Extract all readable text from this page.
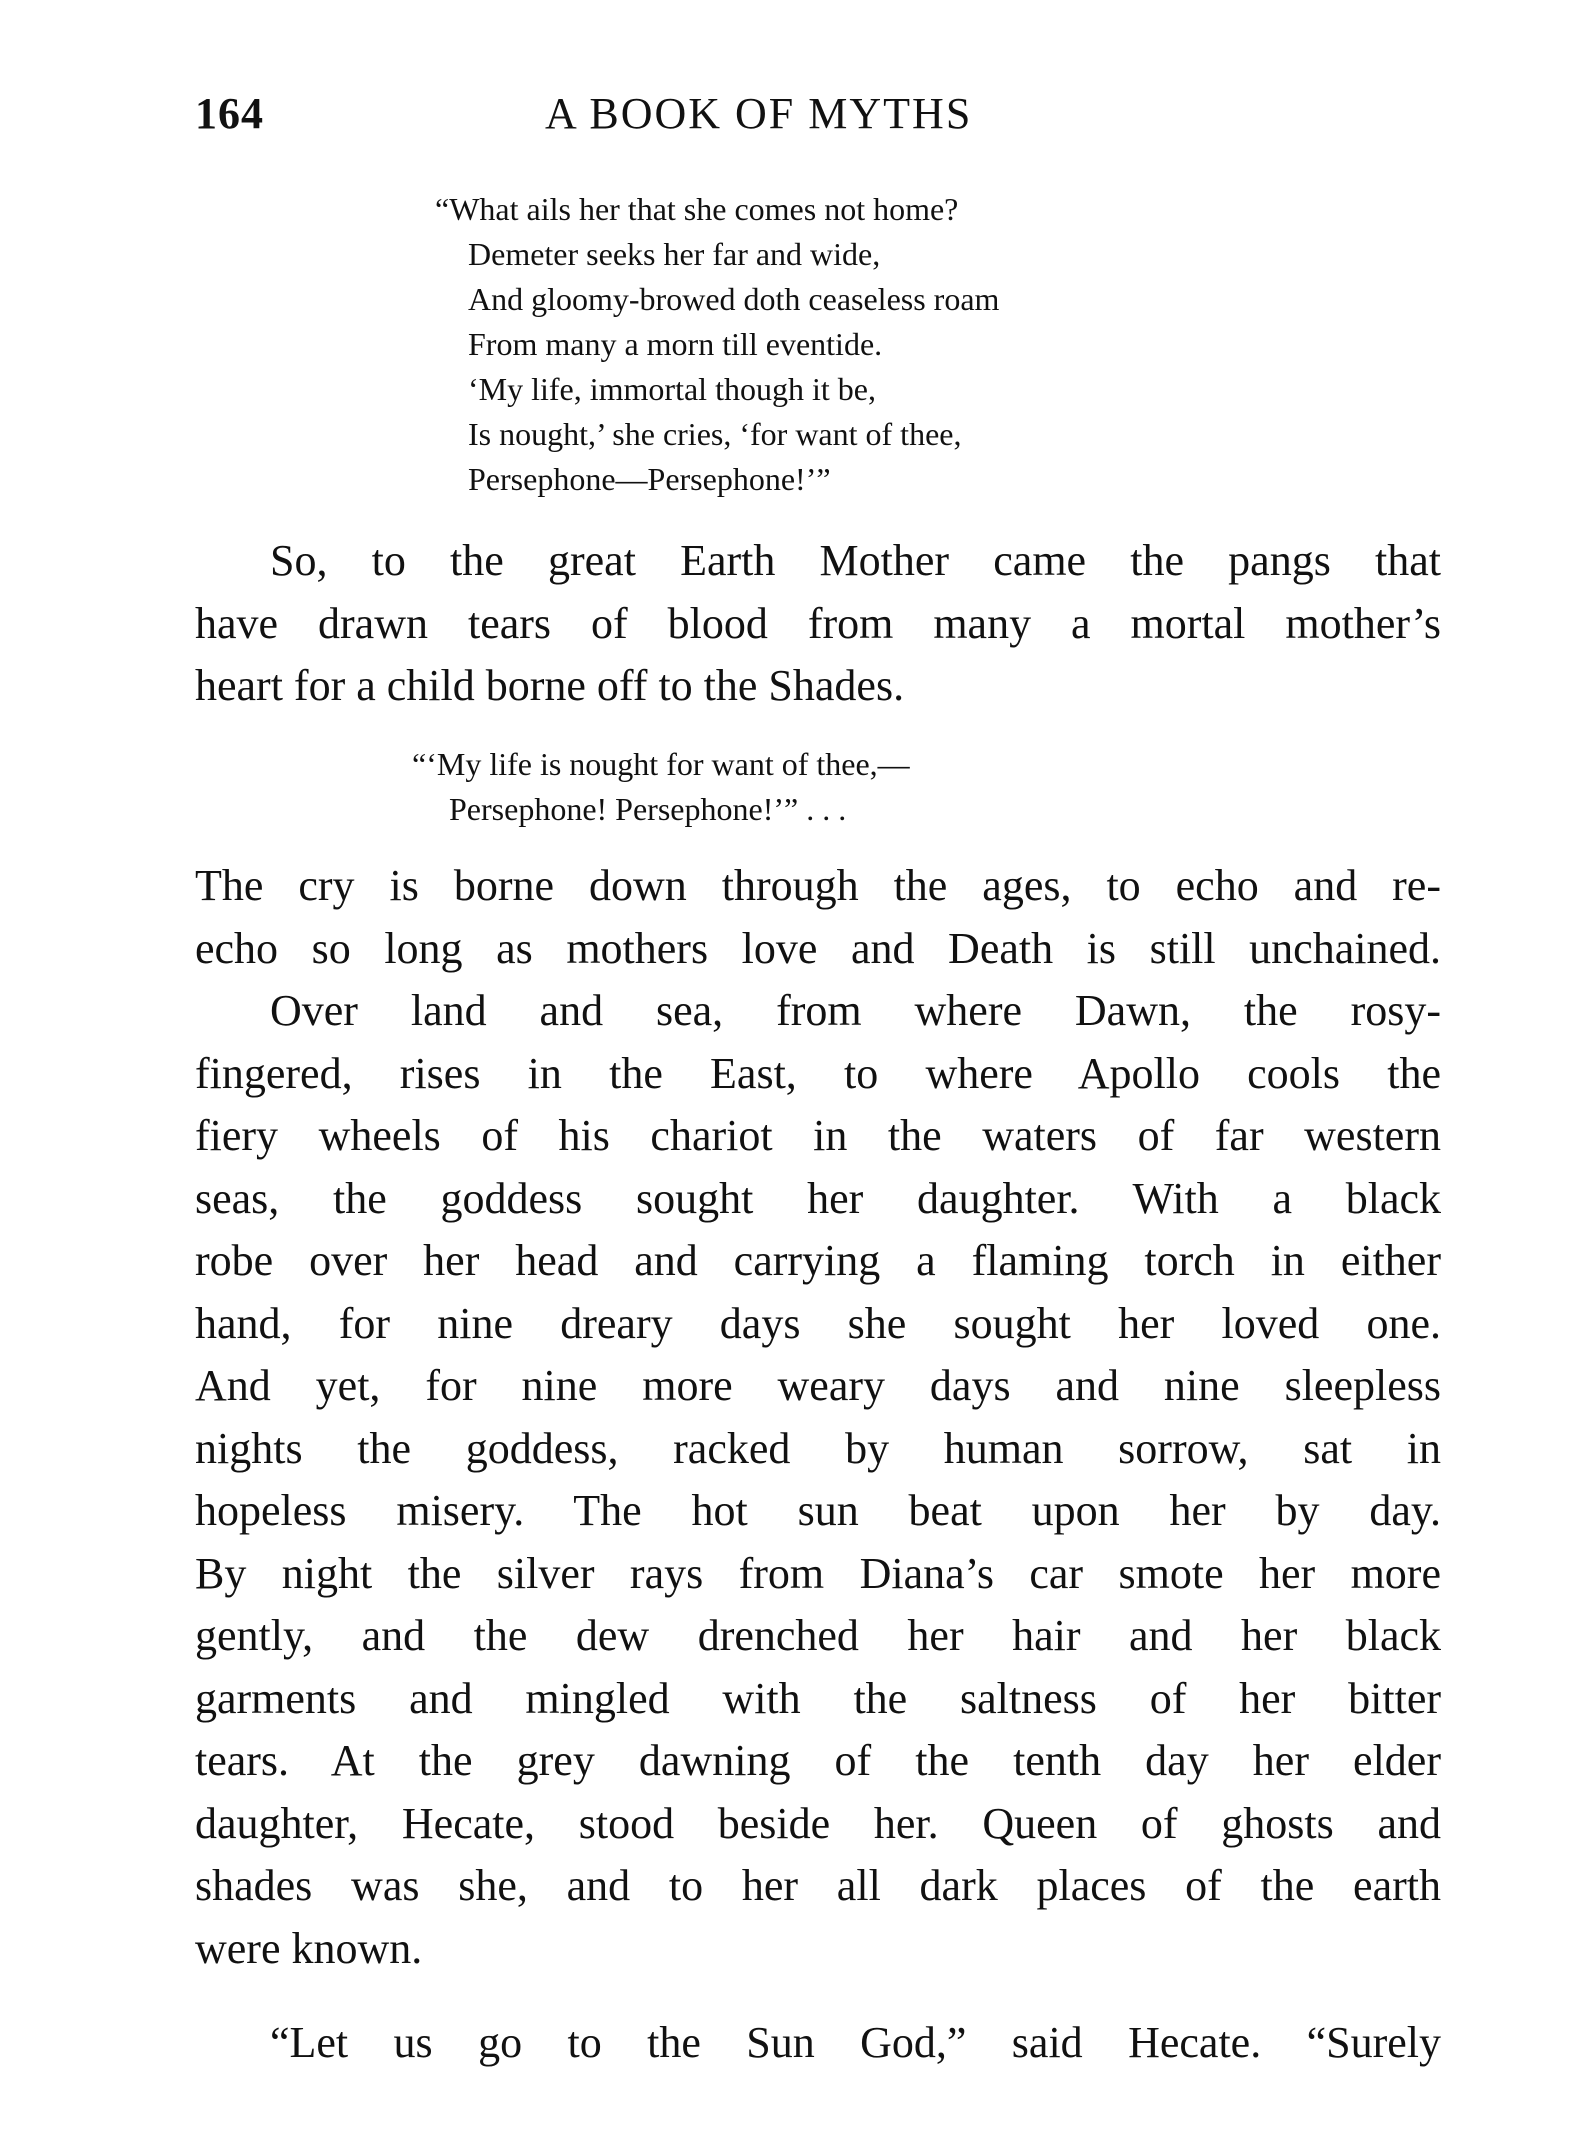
164	A BOOK OF MYTHS
“What ails her that she comes not home?
Demeter seeks her far and wide,
And gloomy-browed doth ceaseless roam
From many a morn till eventide.
‘My life, immortal though it be,
Is nought,’ she cries, ‘for want of thee,
Persephone—Persephone!’”
So, to the great Earth Mother came the pangs that
have drawn tears of blood from many a mortal mother’s
heart for a child borne off to the Shades.
“‘My life is nought for want of thee,—
Persephone! Persephone!’” . . .
The cry is borne down through the ages, to echo and re-
echo so long as mothers love and Death is still unchained.
Over land and sea, from where Dawn, the rosy-
fingered, rises in the East, to where Apollo cools the
fiery wheels of his chariot in the waters of far western
seas, the goddess sought her daughter. With a black
robe over her head and carrying a flaming torch in either
hand, for nine dreary days she sought her loved one.
And yet, for nine more weary days and nine sleepless
nights the goddess, racked by human sorrow, sat in
hopeless misery. The hot sun beat upon her by day.
By night the silver rays from Diana’s car smote her more
gently, and the dew drenched her hair and her black
garments and mingled with the saltness of her bitter
tears. At the grey dawning of the tenth day her elder
daughter, Hecate, stood beside her. Queen of ghosts and
shades was she, and to her all dark places of the earth
were known.
“Let us go to the Sun God,” said Hecate. “Surely
